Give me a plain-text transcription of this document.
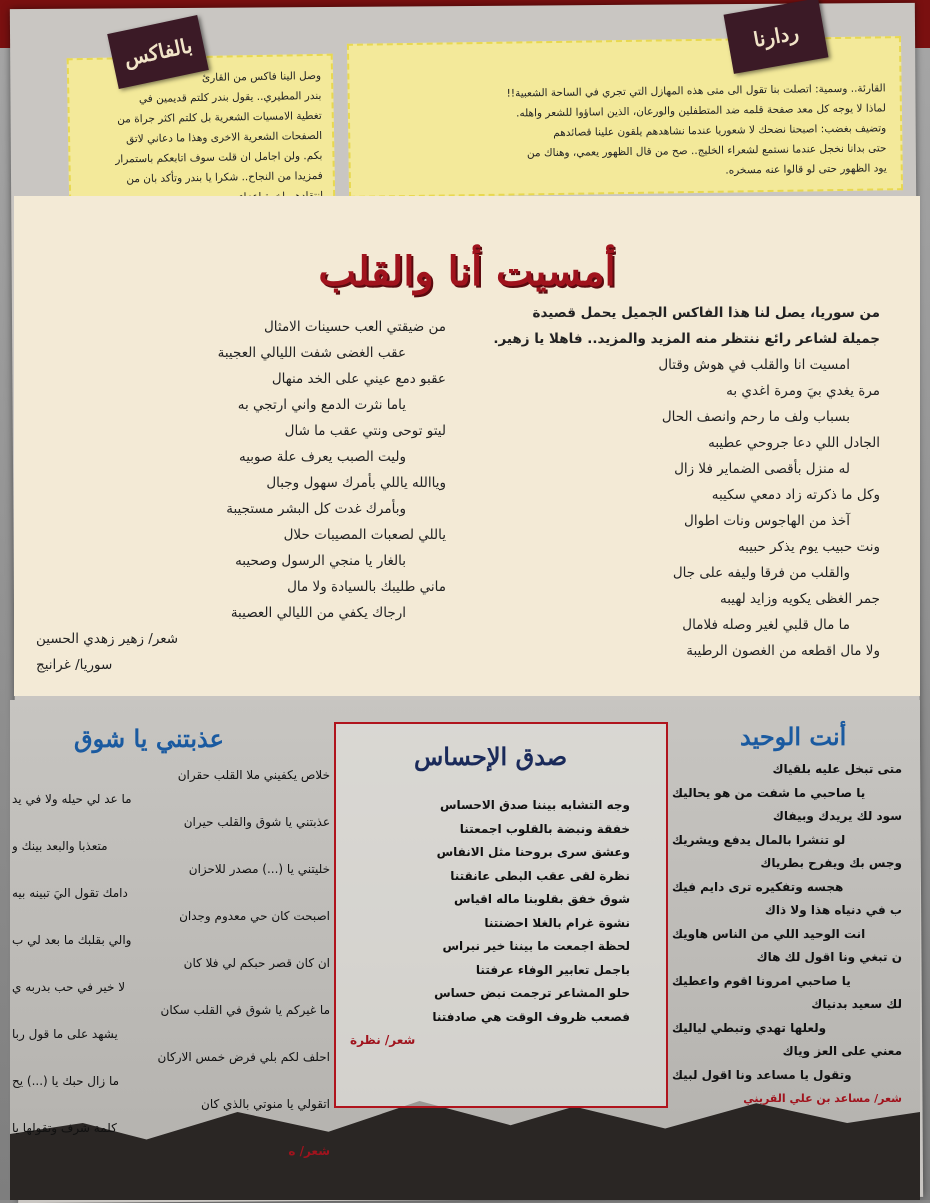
وصل الينا فاكس من القارئ

بندر المطيري.. يقول بندر كلتم قديمين في

تغطية الامسيات الشعرية بل كلتم اكثر جراة من

الصفحات الشعرية الاخرى وهذا ما دعاني لاتق

بكم. ولن اجامل ان قلت سوف اتابعكم باستمرار

فمزيدا من النجاح.. شكرا يا بندر وتأكد بان من

بالفاكس

القارئة.. وسمية: اتصلت بنا تقول الى متى هذه المهازل التي تجري في الساحة الشعبية!!

لماذا لا يوجه كل معد صفحة قلمه ضد المتطفلين والورعان، الذين اساؤوا للشعر واهله.

وتضيف بغضب: اصبحنا نضحك لا شعوريا عندما نشاهدهم يلقون علينا قصائدهم

حتى بدانا نخجل عندما نستمع لشعراء الخليج.. صح من قال الظهور يعمي، وهناك من

يود الظهور حتى لو قالوا عنه مسخره.

ردارنا
أمسيت أنا والقلب
من سوريا، يصل لنا هذا الفاكس الجميل يحمل قصيدة
جميلة لشاعر رائع ننتظر منه المزيد والمزيد.. فاهلا يا زهير.
امسيت انا والقلب في هوش وقتال
مرة يغدي بيَ ومرة اغدي به
بسباب ولف ما رحم وانصف الحال
الجادل اللي دعا جروحي عطيبه
له منزل بأقصى الضماير فلا زال
وكل ما ذكرته زاد دمعي سكيبه
آخذ من الهاجوس ونات اطوال
ونت حبيب يوم يذكر حبيبه
والقلب من فرقا وليفه على جال
جمر الغظى يكويه وزايد لهيبه
ما مال قلبي لغير وصله فلامال
ولا مال اقطعه من الغصون الرطيبة
من ضيقتي العب حسينات الامثال
عقب الغضى شفت الليالي العجيبة
عقبو دمع عيني على الخد منهال
ياما نثرت الدمع واني ارتجي به
ليتو توحى ونتي عقب ما شال
وليت الصبب يعرف علة صوبيه
وياالله ياللي بأمرك سهول وجبال
وبأمرك غدت كل البشر مستجيبة
ياللي لصعبات المصيبات حلال
بالغار يا منجي الرسول وصحيبه
ماني طليبك بالسيادة ولا مال
ارجاك يكفي من الليالي العصيبة
شعر/ زهير زهدي الحسين
سوريا/ غرانيج
عذبتني يا شوق
خلاص يكفيني ملا القلب حقران
ما عد لي حيله ولا في يد
عذبتني يا شوق والقلب حيران
متعذبا والبعد بينك و
خليتني يا (...) مصدر للاحزان
دامك تقول اليَ تبينه بيه
اصبحت كان حي معدوم وجدان
والي بقلبك ما بعد لي ب
ان كان قصر حبكم لي فلا كان
لا خير في حب بدربه ي
ما غيركم يا شوق في القلب سكان
يشهد على ما قول ربا
احلف لكم بلي فرض خمس الاركان
ما زال حبك يا (...) يح
اتقولي يا منوتي بالذي كان
كلمة شرف وتقولها يا
شعر/ ه
صدق الإحساس
وجه التشابه بيننا صدق الاحساس
خفقة ونبضة بالقلوب اجمعتنا
وعشق سرى بروحنا مثل الانفاس
نظرة لقى عقب البطى عانقتنا
شوق خفق بقلوبنا ماله اقياس
نشوة غرام بالغلا احضنتنا
لحظة اجمعت ما بيننا خير نبراس
باجمل تعابير الوفاء عرفتنا
حلو المشاعر ترجمت نبض حساس
فصعب ظروف الوقت هي صادفتنا
شعر/ نظرة
أنت الوحيد
متى تبخل عليه بلقياك
يا صاحبي ما شفت من هو يحاليك
سود لك يريدك وبيفاك
لو تنشرا بالمال يدفع ويشريك
وجس بك ويفرح بطرياك
هجسه وتفكيره ترى دايم فيك
ب في دنياه هذا ولا ذاك
انت الوحيد اللي من الناس هاويك
ن تبغي ونا اقول لك هاك
يا صاحبي امرونا اقوم واعطيك
لك سعيد بدنياك
ولعلها تهدي وتبطي لياليك
معني على العز وياك
وتقول يا مساعد ونا اقول لبيك
شعر/ مساعد بن علي القريني
